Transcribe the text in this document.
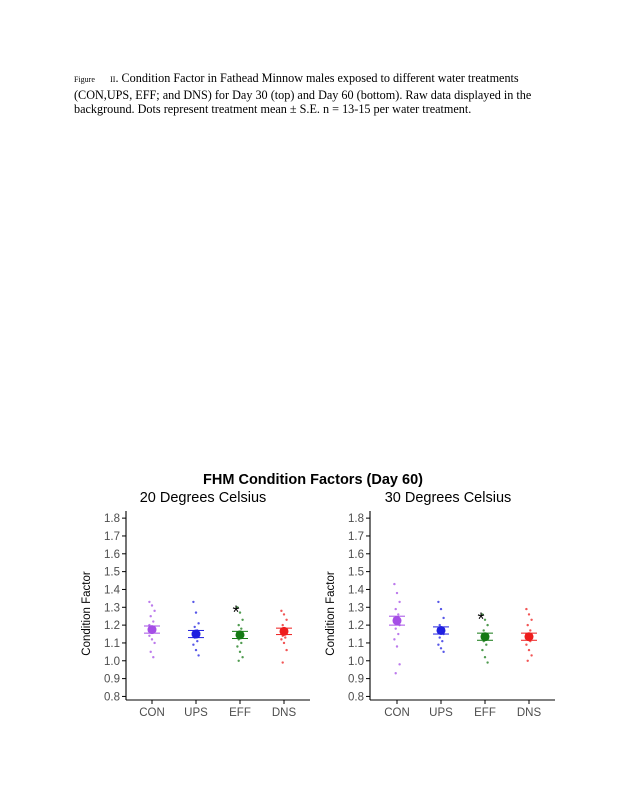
Figure II. Condition Factor in Fathead Minnow males exposed to different water treatments
(CON,UPS, EFF; and DNS) for Day 30 (top) and Day 60 (bottom). Raw data displayed in the
background. Dots represent treatment mean ± S.E. n = 13-15 per water treatment.
FHM Condition Factors (Day 60)
20 Degrees Celsius
Condition Factor
0.8
0.9
1.0
1.1
1.2
1.3
1.4
1.5
1.6
1.7
1.8
CON UPS EFF
*
DNS
30 Degrees Celsius
Condition Factor
0.8
0.9
1.0
1.1
1.2
1.3
1.4
1.5
1.6
1.7
1.8
CON UPS EFF
*
DNS
